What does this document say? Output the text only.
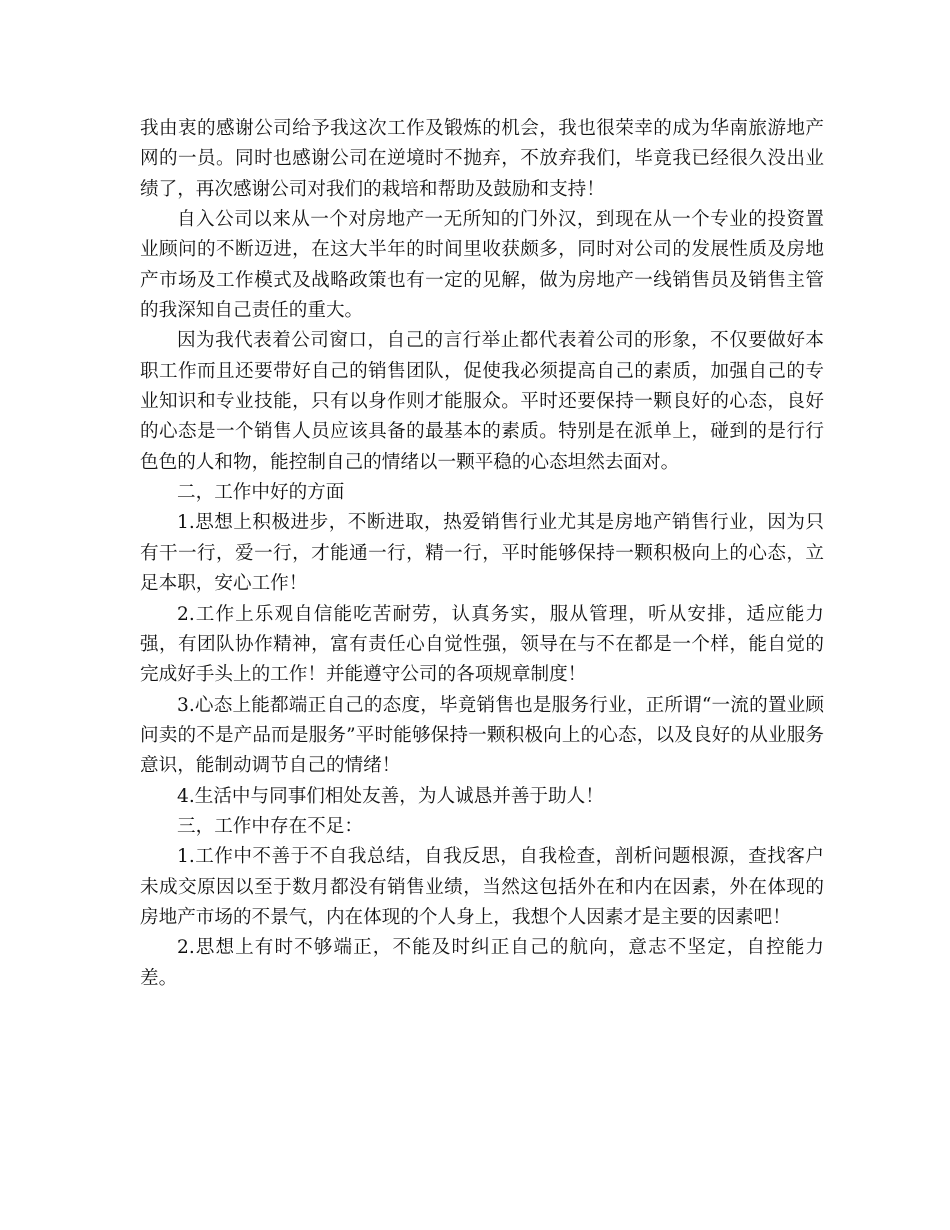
我由衷的感谢公司给予我这次工作及锻炼的机会，我也很荣幸的成为华南旅游地产网的一员。同时也感谢公司在逆境时不抛弃，不放弃我们，毕竟我已经很久没出业绩了，再次感谢公司对我们的栽培和帮助及鼓励和支持！

自入公司以来从一个对房地产一无所知的门外汉，到现在从一个专业的投资置业顾问的不断迈进，在这大半年的时间里收获颇多，同时对公司的发展性质及房地产市场及工作模式及战略政策也有一定的见解，做为房地产一线销售员及销售主管的我深知自己责任的重大。

因为我代表着公司窗口，自己的言行举止都代表着公司的形象，不仅要做好本职工作而且还要带好自己的销售团队，促使我必须提高自己的素质，加强自己的专业知识和专业技能，只有以身作则才能服众。平时还要保持一颗良好的心态，良好的心态是一个销售人员应该具备的最基本的素质。特别是在派单上，碰到的是行行色色的人和物，能控制自己的情绪以一颗平稳的心态坦然去面对。

二，工作中好的方面

1.思想上积极进步，不断进取，热爱销售行业尤其是房地产销售行业，因为只有干一行，爱一行，才能通一行，精一行，平时能够保持一颗积极向上的心态，立足本职，安心工作！

2.工作上乐观自信能吃苦耐劳，认真务实，服从管理，听从安排，适应能力强，有团队协作精神，富有责任心自觉性强，领导在与不在都是一个样，能自觉的完成好手头上的工作！并能遵守公司的各项规章制度！

3.心态上能都端正自己的态度，毕竟销售也是服务行业，正所谓“一流的置业顾问卖的不是产品而是服务”平时能够保持一颗积极向上的心态，以及良好的从业服务意识，能制动调节自己的情绪！

4.生活中与同事们相处友善，为人诚恳并善于助人！

三，工作中存在不足：

1.工作中不善于不自我总结，自我反思，自我检查，剖析问题根源，查找客户未成交原因以至于数月都没有销售业绩，当然这包括外在和内在因素，外在体现的房地产市场的不景气，内在体现的个人身上，我想个人因素才是主要的因素吧！

2.思想上有时不够端正，不能及时纠正自己的航向，意志不坚定，自控能力差。
